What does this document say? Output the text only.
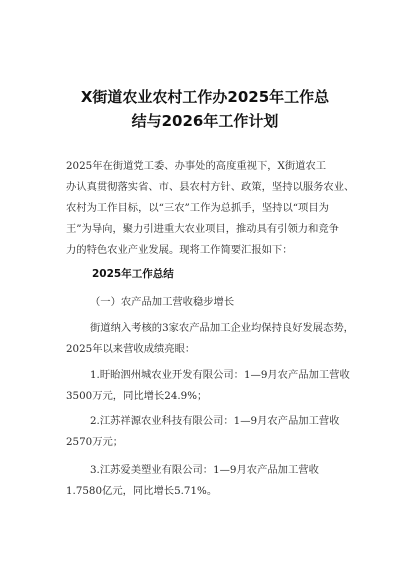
X街道农业农村工作办2025年工作总
结与2026年工作计划
2025年在街道党工委、办事处的高度重视下，X街道农工
办认真贯彻落实省、市、县农村方针、政策，坚持以服务农业、
农村为工作目标，以“三农”工作为总抓手，坚持以“项目为
王”为导向，聚力引进重大农业项目，推动具有引领力和竞争
力的特色农业产业发展。现将工作简要汇报如下：
2025年工作总结
（一）农产品加工营收稳步增长
街道纳入考核的3家农产品加工企业均保持良好发展态势，
2025年以来营收成绩亮眼：
1.盱眙泗州城农业开发有限公司：1—9月农产品加工营收
3500万元，同比增长24.9%；
2.江苏祥源农业科技有限公司：1—9月农产品加工营收
2570万元；
3.江苏爱美塑业有限公司：1—9月农产品加工营收
1.7580亿元，同比增长5.71%。
